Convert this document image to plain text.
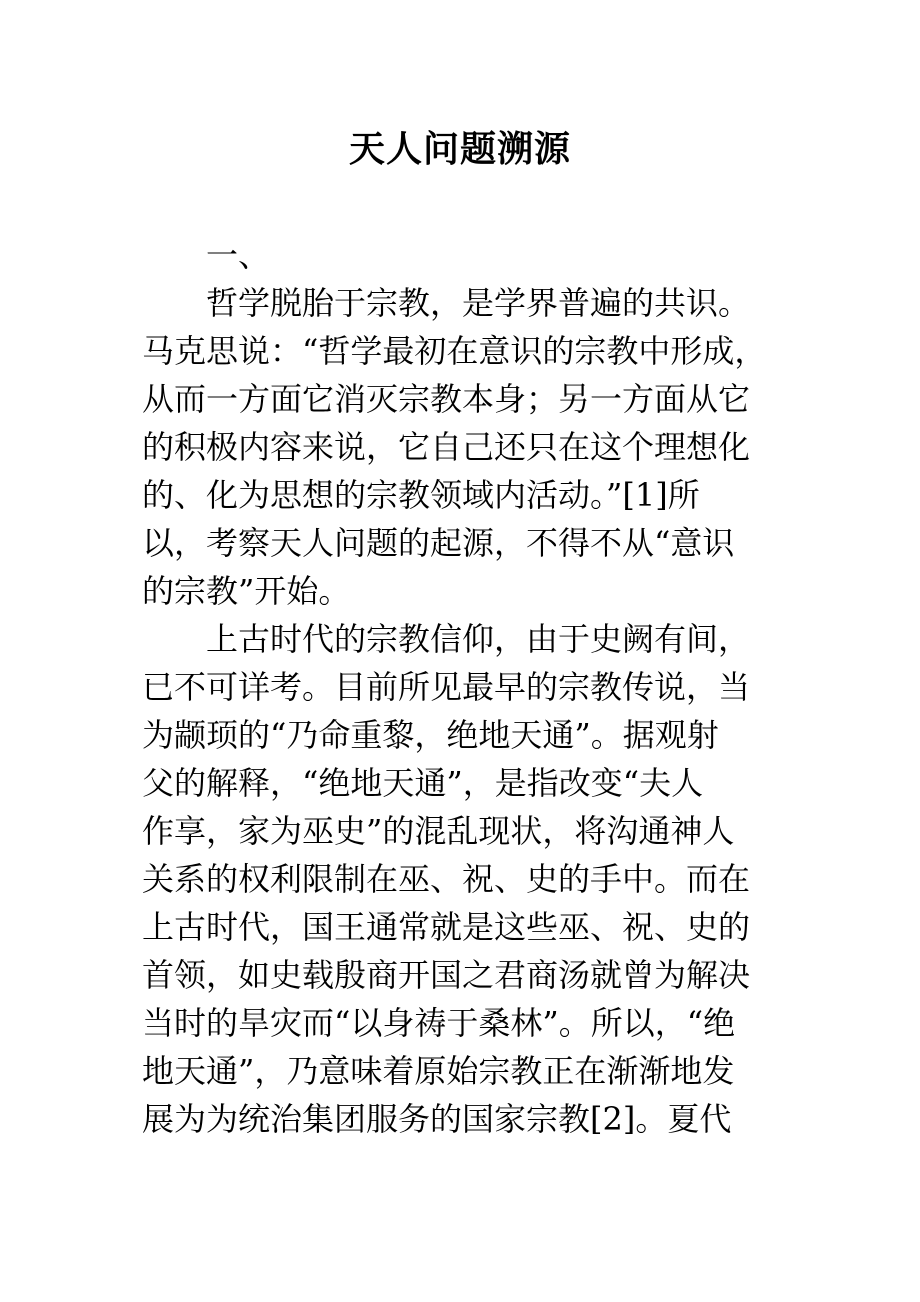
天人问题溯源
一、
哲学脱胎于宗教，是学界普遍的共识。
马克思说：“哲学最初在意识的宗教中形成，
从而一方面它消灭宗教本身；另一方面从它
的积极内容来说，它自己还只在这个理想化
的、化为思想的宗教领域内活动。”[1]所
以，考察天人问题的起源，不得不从“意识
的宗教”开始。
上古时代的宗教信仰，由于史阙有间，
已不可详考。目前所见最早的宗教传说，当
为颛顼的“乃命重黎，绝地天通”。据观射
父的解释，“绝地天通”，是指改变“夫人
作享，家为巫史”的混乱现状，将沟通神人
关系的权利限制在巫、祝、史的手中。而在
上古时代，国王通常就是这些巫、祝、史的
首领，如史载殷商开国之君商汤就曾为解决
当时的旱灾而“以身祷于桑林”。所以，“绝
地天通”，乃意味着原始宗教正在渐渐地发
展为为统治集团服务的国家宗教[2]。夏代
